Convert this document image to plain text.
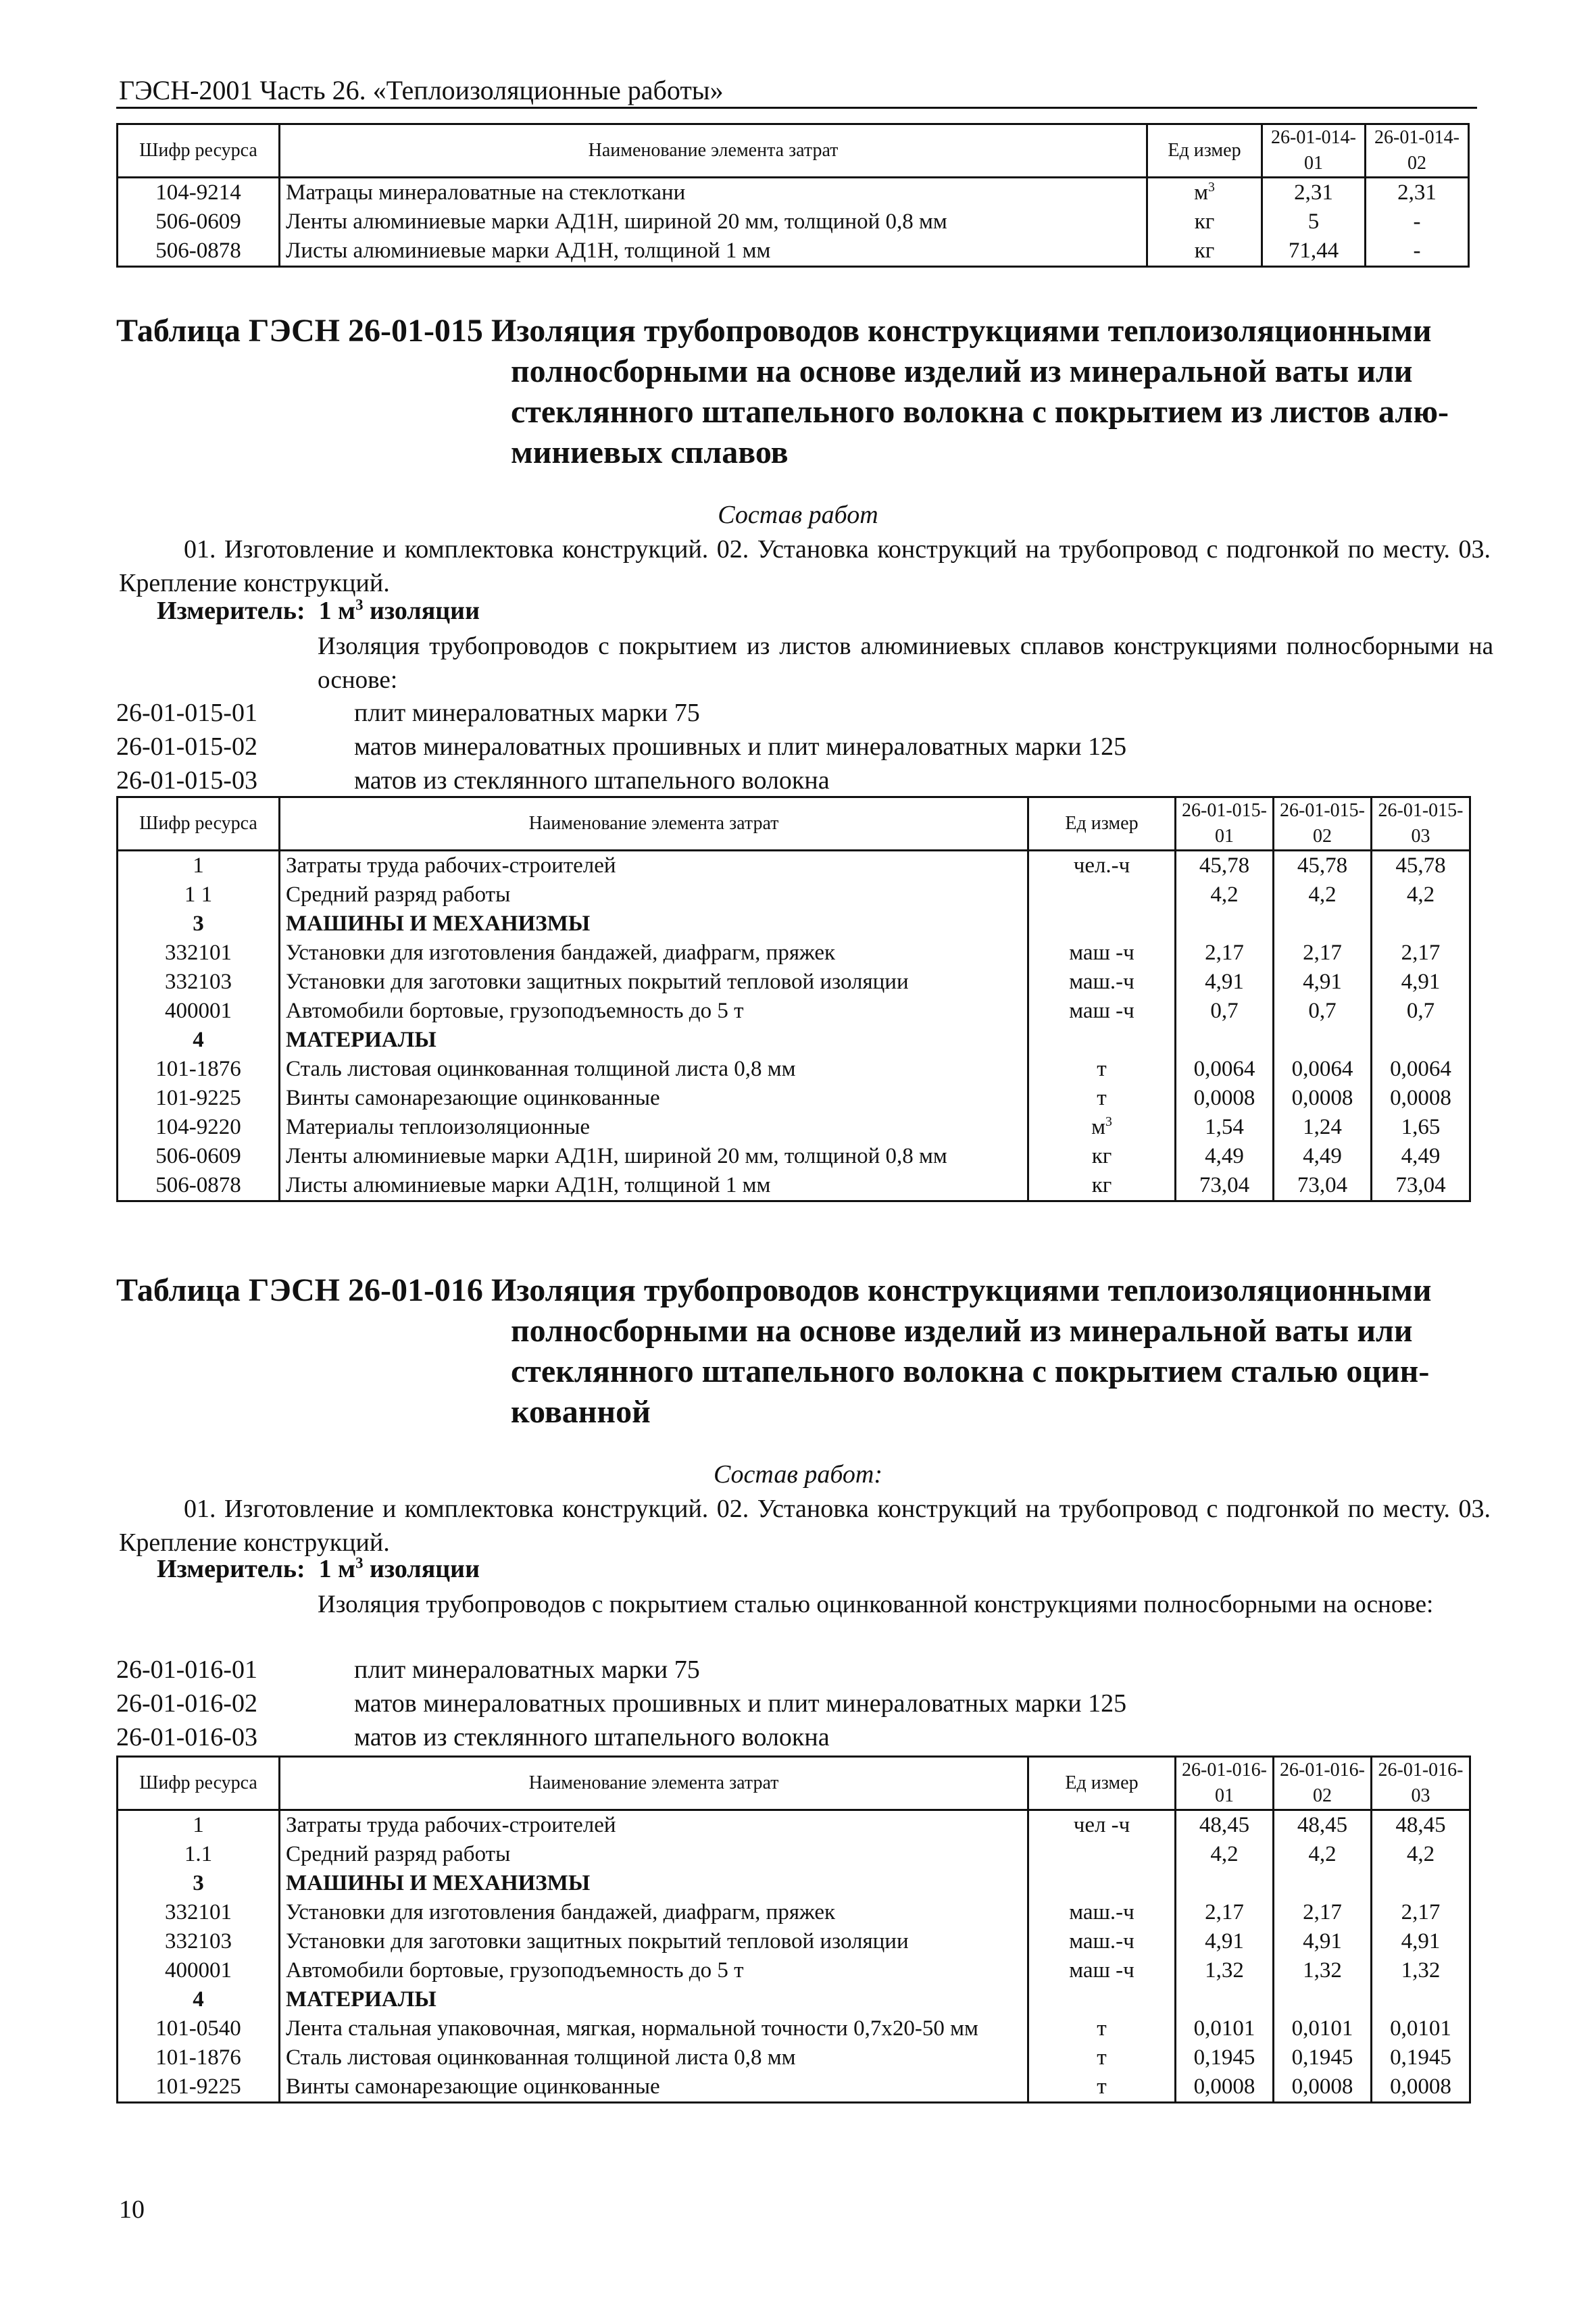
ГЭСН-2001 Часть 26. «Теплоизоляционные работы»
Шифр ресурса	Наименование элемента затрат	Ед измер	26-01-014-01	26-01-014-02
104-9214	Матрацы минераловатные на стеклоткани	$м^3$	2,31	2,31
506-0609	Ленты алюминиевые марки АД1Н, шириной 20 мм, толщиной 0,8 мм	кг	5	-
506-0878	Листы алюминиевые марки АД1Н, толщиной 1 мм	кг	71,44	-
Таблица ГЭСН 26-01-015 Изоляция трубопроводов конструкциями теплоизоляционными
полносборными на основе изделий из минеральной ваты или
стеклянного штапельного волокна с покрытием из листов алю-
миниевых сплавов
Состав работ
01. Изготовление и комплектовка конструкций. 02. Установка конструкций на трубопровод с подгонкой по месту. 03. Крепление конструкций.
Измеритель: 1 $м^3$ изоляции
Изоляция трубопроводов с покрытием из листов алюминиевых сплавов конструкциями полносборными на основе:
26-01-015-01	плит минераловатных марки 75
26-01-015-02	матов минераловатных прошивных и плит минераловатных марки 125
26-01-015-03	матов из стеклянного штапельного волокна
Шифр ресурса	Наименование элемента затрат	Ед измер	26-01-015-01	26-01-015-02	26-01-015-03
1	Затраты труда рабочих-строителей	чел.-ч	45,78	45,78	45,78
1 1	Средний разряд работы		4,2	4,2	4,2
3	МАШИНЫ И МЕХАНИЗМЫ				
332101	Установки для изготовления бандажей, диафрагм, пряжек	маш -ч	2,17	2,17	2,17
332103	Установки для заготовки защитных покрытий тепловой изоляции	маш.-ч	4,91	4,91	4,91
400001	Автомобили бортовые, грузоподъемность до 5 т	маш -ч	0,7	0,7	0,7
4	МАТЕРИАЛЫ				
101-1876	Сталь листовая оцинкованная толщиной листа 0,8 мм	т	0,0064	0,0064	0,0064
101-9225	Винты самонарезающие оцинкованные	т	0,0008	0,0008	0,0008
104-9220	Материалы теплоизоляционные	$м^3$	1,54	1,24	1,65
506-0609	Ленты алюминиевые марки АД1Н, шириной 20 мм, толщиной 0,8 мм	кг	4,49	4,49	4,49
506-0878	Листы алюминиевые марки АД1Н, толщиной 1 мм	кг	73,04	73,04	73,04
Таблица ГЭСН 26-01-016 Изоляция трубопроводов конструкциями теплоизоляционными
полносборными на основе изделий из минеральной ваты или
стеклянного штапельного волокна с покрытием сталью оцин-
кованной
Состав работ:
01. Изготовление и комплектовка конструкций. 02. Установка конструкций на трубопровод с подгонкой по месту. 03. Крепление конструкций.
Измеритель: 1 $м^3$ изоляции
Изоляция трубопроводов с покрытием сталью оцинкованной конструкциями полносборными на основе:
26-01-016-01	плит минераловатных марки 75
26-01-016-02	матов минераловатных прошивных и плит минераловатных марки 125
26-01-016-03	матов из стеклянного штапельного волокна
Шифр ресурса	Наименование элемента затрат	Ед измер	26-01-016-01	26-01-016-02	26-01-016-03
1	Затраты труда рабочих-строителей	чел -ч	48,45	48,45	48,45
1.1	Средний разряд работы		4,2	4,2	4,2
3	МАШИНЫ И МЕХАНИЗМЫ				
332101	Установки для изготовления бандажей, диафрагм, пряжек	маш.-ч	2,17	2,17	2,17
332103	Установки для заготовки защитных покрытий тепловой изоляции	маш.-ч	4,91	4,91	4,91
400001	Автомобили бортовые, грузоподъемность до 5 т	маш -ч	1,32	1,32	1,32
4	МАТЕРИАЛЫ				
101-0540	Лента стальная упаковочная, мягкая, нормальной точности 0,7х20-50 мм	т	0,0101	0,0101	0,0101
101-1876	Сталь листовая оцинкованная толщиной листа 0,8 мм	т	0,1945	0,1945	0,1945
101-9225	Винты самонарезающие оцинкованные	т	0,0008	0,0008	0,0008
10
